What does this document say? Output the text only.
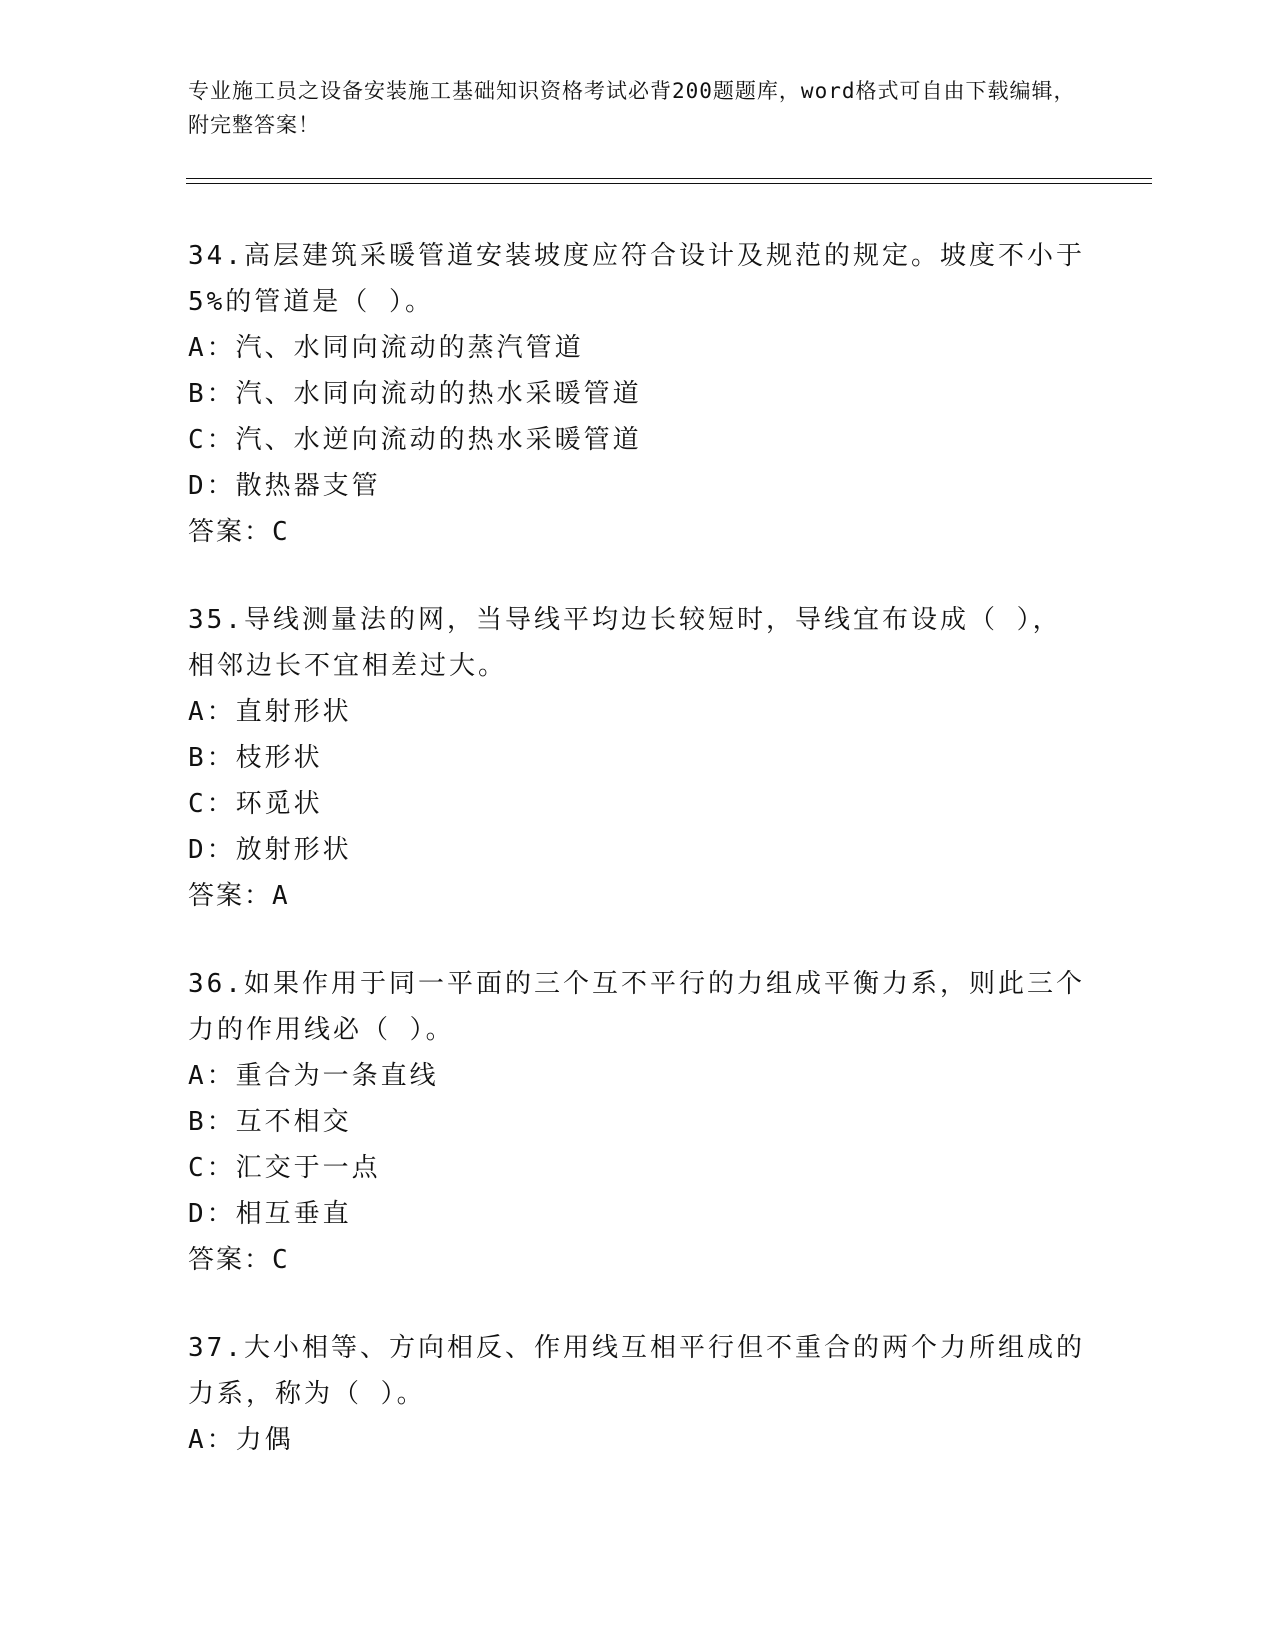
专业施工员之设备安装施工基础知识资格考试必背200题题库，word格式可自由下载编辑，附完整答案！

34.高层建筑采暖管道安装坡度应符合设计及规范的规定。坡度不小于5%的管道是（ ）。

A：汽、水同向流动的蒸汽管道

B：汽、水同向流动的热水采暖管道

C：汽、水逆向流动的热水采暖管道

D：散热器支管

答案：C

35.导线测量法的网，当导线平均边长较短时，导线宜布设成（ ），相邻边长不宜相差过大。

A：直射形状

B：枝形状

C：环觅状

D：放射形状

答案：A

36.如果作用于同一平面的三个互不平行的力组成平衡力系，则此三个力的作用线必（ ）。

A：重合为一条直线

B：互不相交

C：汇交于一点

D：相互垂直

答案：C

37.大小相等、方向相反、作用线互相平行但不重合的两个力所组成的力系，称为（ ）。

A：力偶
